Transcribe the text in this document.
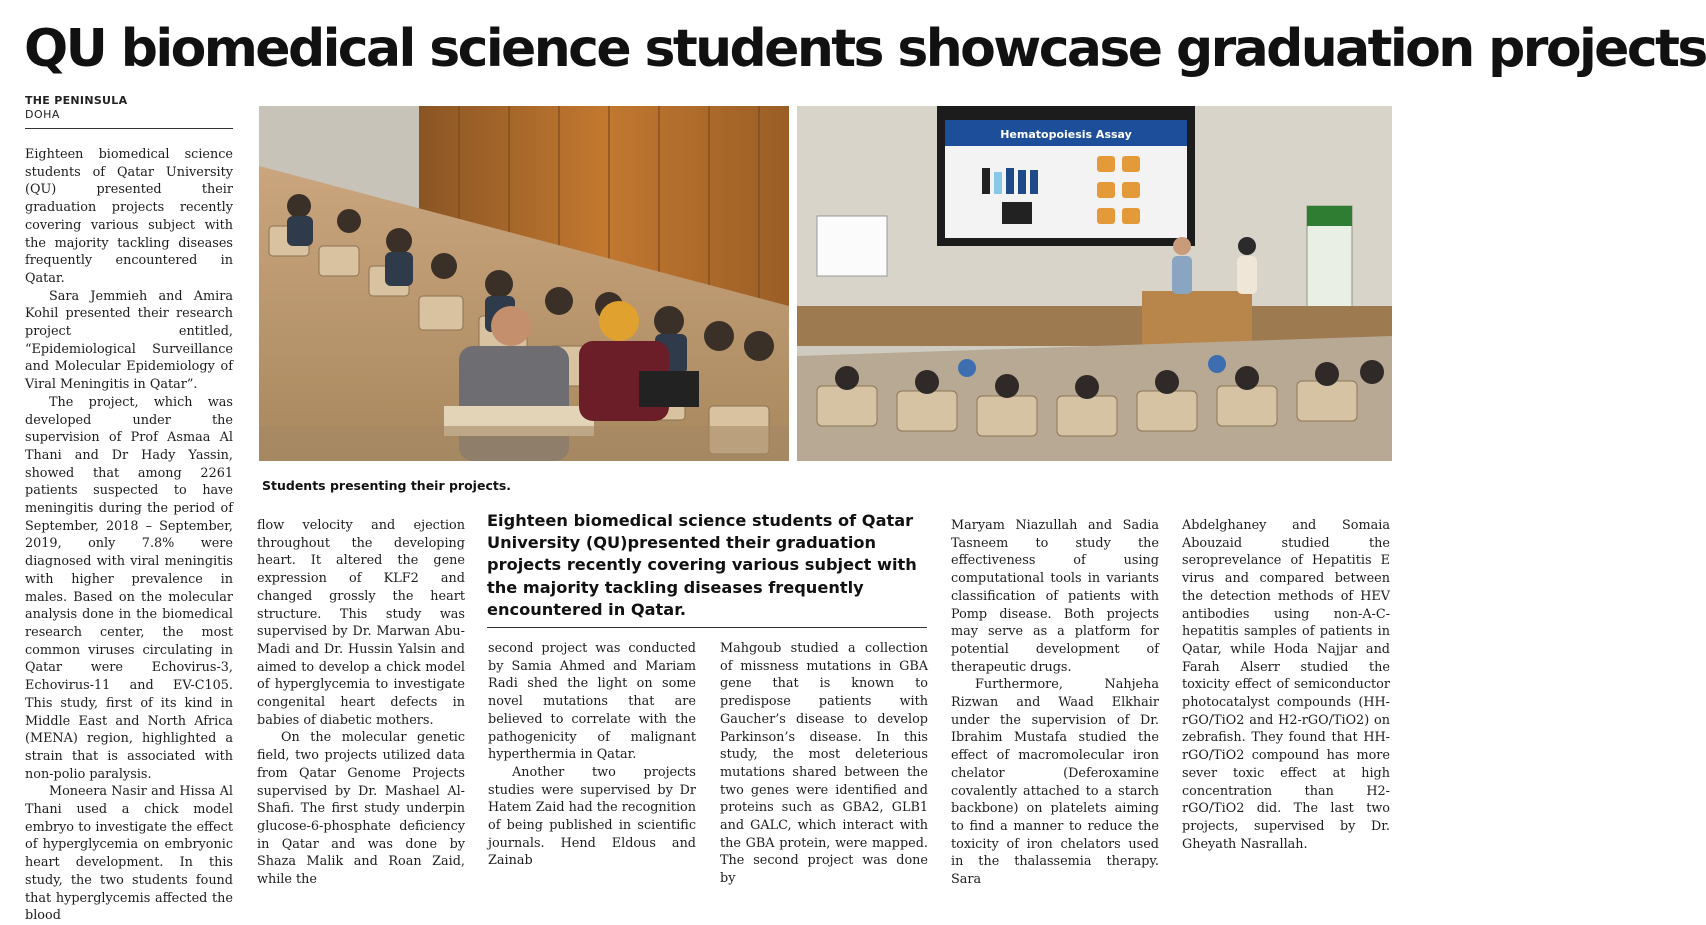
QU biomedical science students showcase graduation projects
THE PENINSULA
DOHA

Eighteen biomedical science students of Qatar University (QU) presented their graduation projects recently covering various subject with the majority tackling diseases frequently encountered in Qatar.

Sara Jemmieh and Amira Kohil presented their research project entitled, “Epidemiological Surveillance and Molecular Epidemiology of Viral Meningitis in Qatar”.

The project, which was developed under the supervision of Prof Asmaa Al Thani and Dr Hady Yassin, showed that among 2261 patients suspected to have meningitis during the period of September, 2018 – September, 2019, only 7.8% were diagnosed with viral meningitis with higher prevalence in males. Based on the molecular analysis done in the biomedical research center, the most common viruses circulating in Qatar were Echovirus-3, Echovirus-11 and EV-C105. This study, first of its kind in Middle East and North Africa (MENA) region, highlighted a strain that is associated with non-polio paralysis.

Moneera Nasir and Hissa Al Thani used a chick model embryo to investigate the effect of hyperglycemia on embryonic heart development. In this study, the two students found that hyperglycemis affected the blood

Hematopoiesis Assay
Students presenting their projects.

flow velocity and ejection throughout the developing heart. It altered the gene expression of KLF2 and changed grossly the heart structure. This study was supervised by Dr. Marwan Abu-Madi and Dr. Hussin Yalsin and aimed to develop a chick model of hyperglycemia to investigate congenital heart defects in babies of diabetic mothers.

On the molecular genetic field, two projects utilized data from Qatar Genome Projects supervised by Dr. Mashael Al-Shafi. The first study underpin glucose-6-phosphate deficiency in Qatar and was done by Shaza Malik and Roan Zaid, while the

Eighteen biomedical science students of Qatar University (QU)presented their graduation projects recently covering various subject with the majority tackling diseases frequently encountered in Qatar.

second project was conducted by Samia Ahmed and Mariam Radi shed the light on some novel mutations that are believed to correlate with the pathogenicity of malignant hyperthermia in Qatar.

Another two projects studies were supervised by Dr Hatem Zaid had the recognition of being published in scientific journals. Hend Eldous and Zainab

Mahgoub studied a collection of missness mutations in GBA gene that is known to predispose patients with Gaucher’s disease to develop Parkinson’s disease. In this study, the most deleterious mutations shared between the two genes were identified and proteins such as GBA2, GLB1 and GALC, which interact with the GBA protein, were mapped. The second project was done by

Maryam Niazullah and Sadia Tasneem to study the effectiveness of using computational tools in variants classification of patients with Pomp disease. Both projects may serve as a platform for potential development of therapeutic drugs.

Furthermore, Nahjeha Rizwan and Waad Elkhair under the supervision of Dr. Ibrahim Mustafa studied the effect of macromolecular iron chelator (Deferoxamine covalently attached to a starch backbone) on platelets aiming to find a manner to reduce the toxicity of iron chelators used in the thalassemia therapy. Sara

Abdelghaney and Somaia Abouzaid studied the seroprevelance of Hepatitis E virus and compared between the detection methods of HEV antibodies using non-A-C- hepatitis samples of patients in Qatar, while Hoda Najjar and Farah Alserr studied the toxicity effect of semiconductor photocatalyst compounds (HH-rGO/TiO2 and H2-rGO/TiO2) on zebrafish. They found that HH-rGO/TiO2 compound has more sever toxic effect at high concentration than H2-rGO/TiO2 did. The last two projects, supervised by Dr. Gheyath Nasrallah.
